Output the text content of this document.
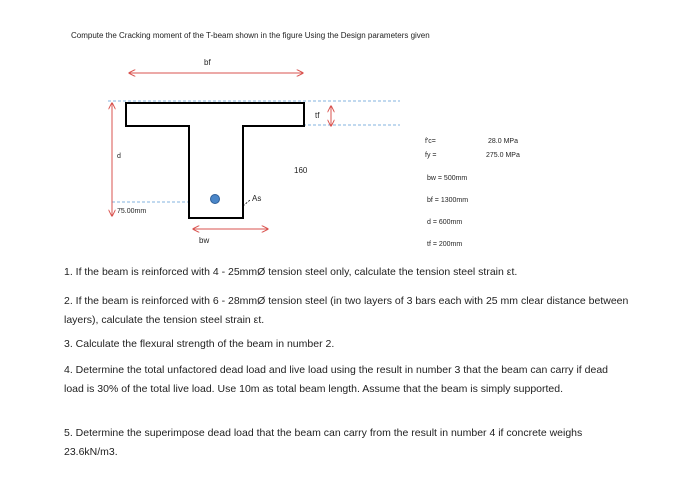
Compute the Cracking moment of the T-beam shown in the figure Using the Design parameters given
bf
tf
d
160
As
75.00mm
bw
f'c=	28.0 MPa
fy =	275.0 MPa
bw = 500mm
bf = 1300mm
d = 600mm
tf = 200mm
1. If the beam is reinforced with 4 - 25mmØ tension steel only, calculate the tension steel strain εt.
2. If the beam is reinforced with 6 - 28mmØ tension steel (in two layers of 3 bars each with 25 mm clear distance between layers), calculate the tension steel strain εt.
3. Calculate the flexural strength of the beam in number 2.
4. Determine the total unfactored dead load and live load using the result in number 3 that the beam can carry if dead load is 30% of the total live load. Use 10m as total beam length. Assume that the beam is simply supported.
5. Determine the superimpose dead load that the beam can carry from the result in number 4 if concrete weighs 23.6kN/m3.
